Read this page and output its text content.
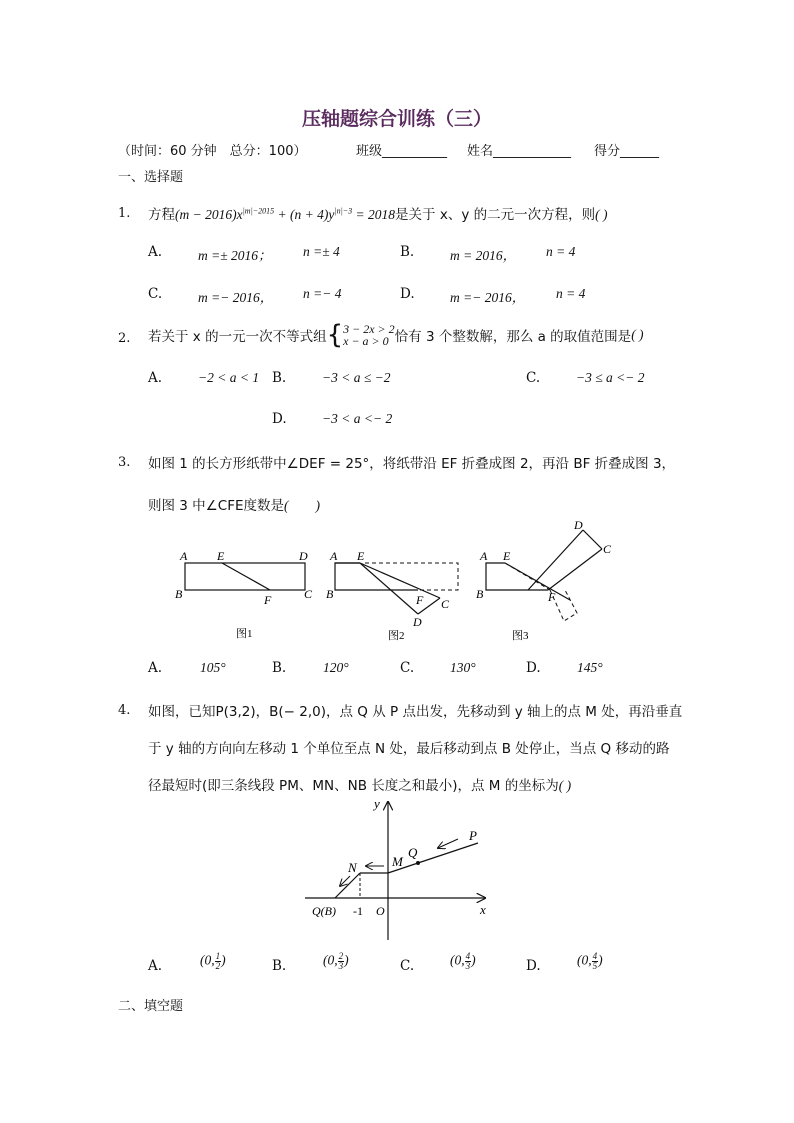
压轴题综合训练（三）
（时间：60 分钟　总分：100）	班级__________ 姓名____________ 得分______
一、选择题
1. 方程$(m - 2016)x^{|m|-2015} + (n + 4)y^{|n|-3} = 2018$是关于 x、y 的二元一次方程，则( )
A.	m =± 2016； n =± 4	B.	m = 2016， n = 4
C.	m =− 2016， n =− 4	D.	m =− 2016， n = 4
2. 若关于 x 的一元一次不等式组{ 3 − 2x > 2
x − a > 0 恰有 3 个整数解，那么 a 的取值范围是( )
A.	−2 < a < 1 B.	−3 < a ≤ −2	C.	−3 ≤ a <− 2
D.	−3 < a <− 2
3. 如图 1 的长方形纸带中∠DEF = 25°，将纸带沿 EF 折叠成图 2，再沿 BF 折叠成图 3，
则图 3 中∠CFE度数是(　　)
A E	D
B	F	C
图1
A E
B	F C
D
图2
A E
B	F
D
C
图3
A.	105°	B.	120°	C.	130°	D.	145°
4. 如图，已知P(3,2)，B(− 2,0)，点 Q 从 P 点出发，先移动到 y 轴上的点 M 处，再沿垂直
于 y 轴的方向向左移动 1 个单位至点 N 处，最后移动到点 B 处停止，当点 Q 移动的路
径最短时(即三条线段 PM、MN、NB 长度之和最小)，点 M 的坐标为( )
y
x
P
Q
M
N
Q(B) -1 O
A.	(0, $\frac{1}{2}$ )	B.	(0, $\frac{2}{3}$ )	C.	(0, $\frac{4}{3}$ )	D.	(0, $\frac{4}{5}$ )
二、填空题
